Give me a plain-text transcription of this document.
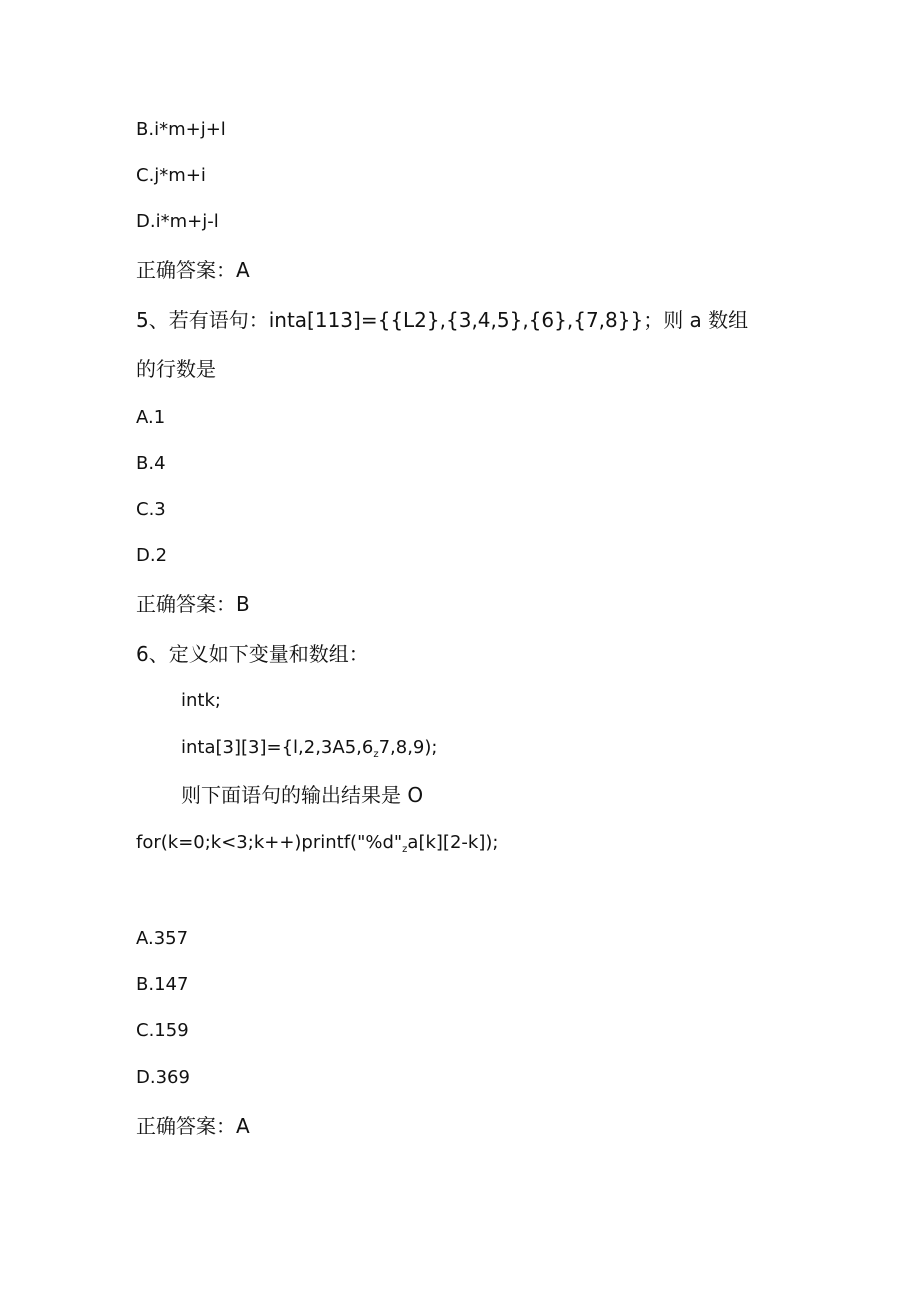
B.i*m+j+l
C.j*m+i
D.i*m+j-l
正确答案：A
5、若有语句：inta[113]={{L2},{3,4,5},{6},{7,8}}；则 a 数组
的行数是
A.1
B.4
C.3
D.2
正确答案：B
6、定义如下变量和数组：
intk;
$inta[3][3]=\{l,2,3A5,6_z7,8,9)$;
则下面语句的输出结果是 O
$for(k=0;k<3;k++)printf("\%d"_za[k][2-k])$;
A.357
B.147
C.159
D.369
正确答案：A
